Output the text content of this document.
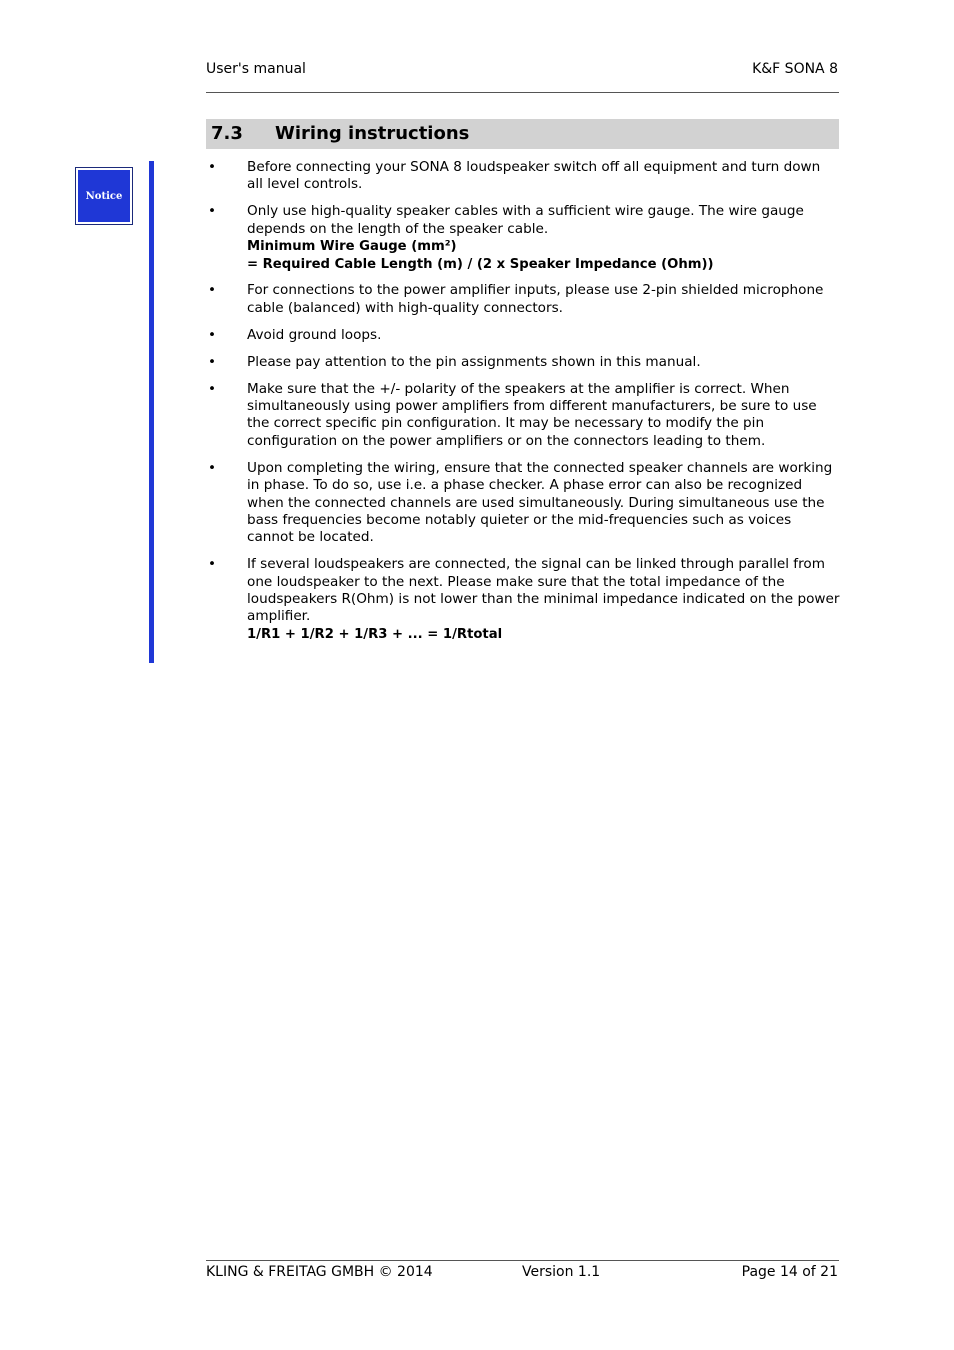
User's manual	K&F SONA 8
7.3 Wiring instructions
Notice
• Before connecting your SONA 8 loudspeaker switch off all equipment and turn down all level controls.
• Only use high-quality speaker cables with a sufficient wire gauge. The wire gauge depends on the length of the speaker cable.
Minimum Wire Gauge (mm²)
= Required Cable Length (m) / (2 x Speaker Impedance (Ohm))
• For connections to the power amplifier inputs, please use 2-pin shielded microphone cable (balanced) with high-quality connectors.
• Avoid ground loops.
• Please pay attention to the pin assignments shown in this manual.
• Make sure that the +/- polarity of the speakers at the amplifier is correct. When simultaneously using power amplifiers from different manufacturers, be sure to use the correct specific pin configuration. It may be necessary to modify the pin configuration on the power amplifiers or on the connectors leading to them.
• Upon completing the wiring, ensure that the connected speaker channels are working in phase. To do so, use i.e. a phase checker. A phase error can also be recognized when the connected channels are used simultaneously. During simultaneous use the bass frequencies become notably quieter or the mid-frequencies such as voices cannot be located.
• If several loudspeakers are connected, the signal can be linked through parallel from one loudspeaker to the next. Please make sure that the total impedance of the loudspeakers R(Ohm) is not lower than the minimal impedance indicated on the power amplifier.
1/R1 + 1/R2 + 1/R3 + ... = 1/Rtotal
KLING & FREITAG GMBH © 2014	Version 1.1	Page 14 of 21
